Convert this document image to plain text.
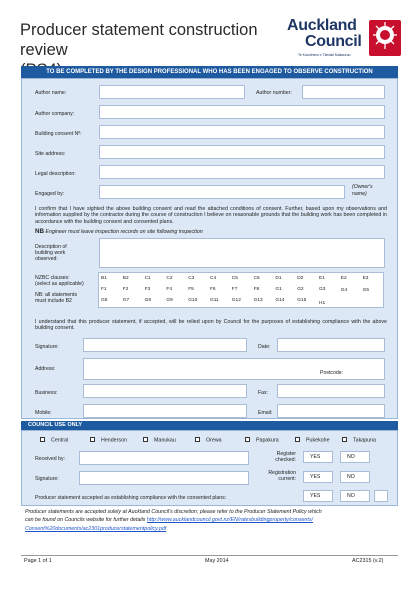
Producer statement construction review
Auckland
Council
Te Kaunihera o Tāmaki Makaurau
TO BE COMPLETED BY THE DESIGN PROFESSIONAL WHO HAS BEEN ENGAGED TO OBSERVE CONSTRUCTION
Author name:	Author number:
Author company:
Building consent Nº:
Site address:
Legal description:
Engaged by:
(Owner's
name)
I confirm that I have sighted the above building consent and read the attached conditions of consent. Further, based upon my observations and information supplied by the contractor during the course of construction I believe on reasonable grounds that the building work has been completed in accordance with the building consent and consented plans.
NB Engineer must leave inspection records on site following inspection
Description of
building work
observed:
NZBC clauses:
(select as applicable)
NB: all statements
must include B2
I understand that this producer statement, if accepted, will be relied upon by Council for the purposes of establishing compliance with the above building consent.
Signature:	Date:
Address:
Postcode:
Business:	Fax:
Mobile:	Email:
B1	B2	C1	C2	C3	C4	C5	C6	D1	D2	E1	E2	E3
F1	F2	F3	F4	F5	F6	F7	F8	G1	G2	G3	G4	G5
G6	G7	G8	G9	G10	G11	G12	G13	G14	G15
H1
COUNCIL USE ONLY
Central	Henderson	Manukau	Orewa	Papakura	Pukekohe	Takapuna
Received by:
Register
checked:	YES	NO
Signature:
Registration
current:	YES	NO
Producer statement accepted as establishing compliance with the consented plans:	YES	NO
Producer statements are accepted solely at Auckland Council's discretion; please refer to the Producer Statement Policy which
can be found on Councils website for further details http://www.aucklandcouncil.govt.nz/EN/ratesbuildingproperty/consents/
Consent%20documents/ac2301producerstatementpolicy.pdf
Page 1 of 1	May 2014	AC2315 (v.2)
